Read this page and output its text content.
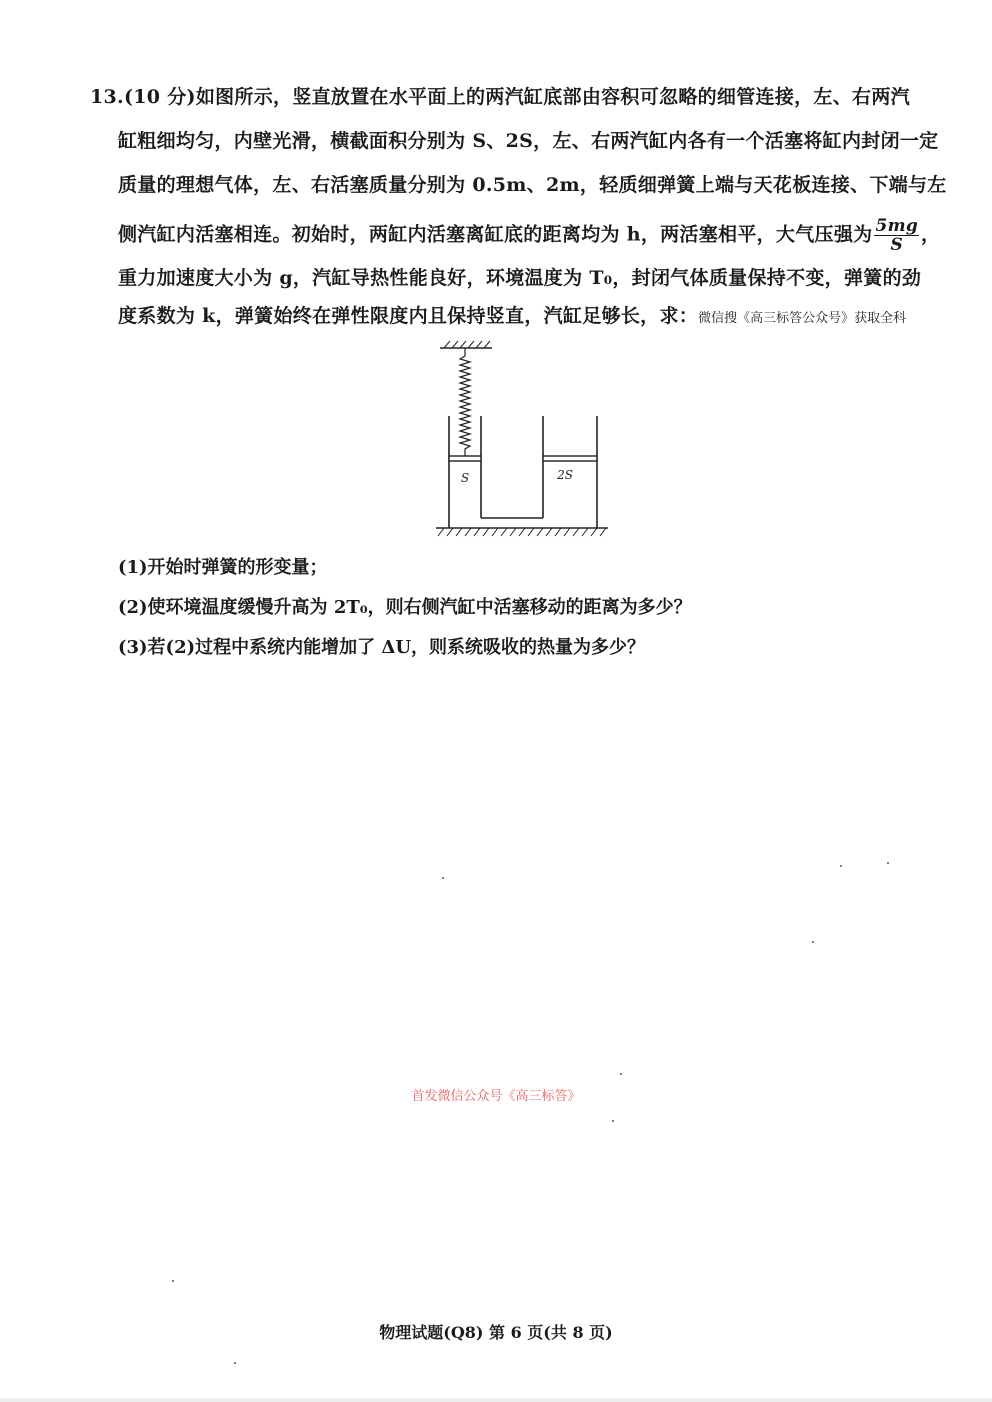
13.(10 分)如图所示，竖直放置在水平面上的两汽缸底部由容积可忽略的细管连接，左、右两汽
缸粗细均匀，内壁光滑，横截面积分别为 S、2S，左、右两汽缸内各有一个活塞将缸内封闭一定
质量的理想气体，左、右活塞质量分别为 0.5m、2m，轻质细弹簧上端与天花板连接、下端与左
侧汽缸内活塞相连。初始时，两缸内活塞离缸底的距离均为 h，两活塞相平，大气压强为 $\frac{5mg}{S}$ ，
重力加速度大小为 g，汽缸导热性能良好，环境温度为 T₀，封闭气体质量保持不变，弹簧的劲
度系数为 k，弹簧始终在弹性限度内且保持竖直，汽缸足够长，求：微信搜《高三标答公众号》获取全科
S	2S
(1)开始时弹簧的形变量；
(2)使环境温度缓慢升高为 2T₀，则右侧汽缸中活塞移动的距离为多少？
(3)若(2)过程中系统内能增加了 ΔU，则系统吸收的热量为多少？
首发微信公众号《高三标答》
物理试题(Q8) 第 6 页(共 8 页)
